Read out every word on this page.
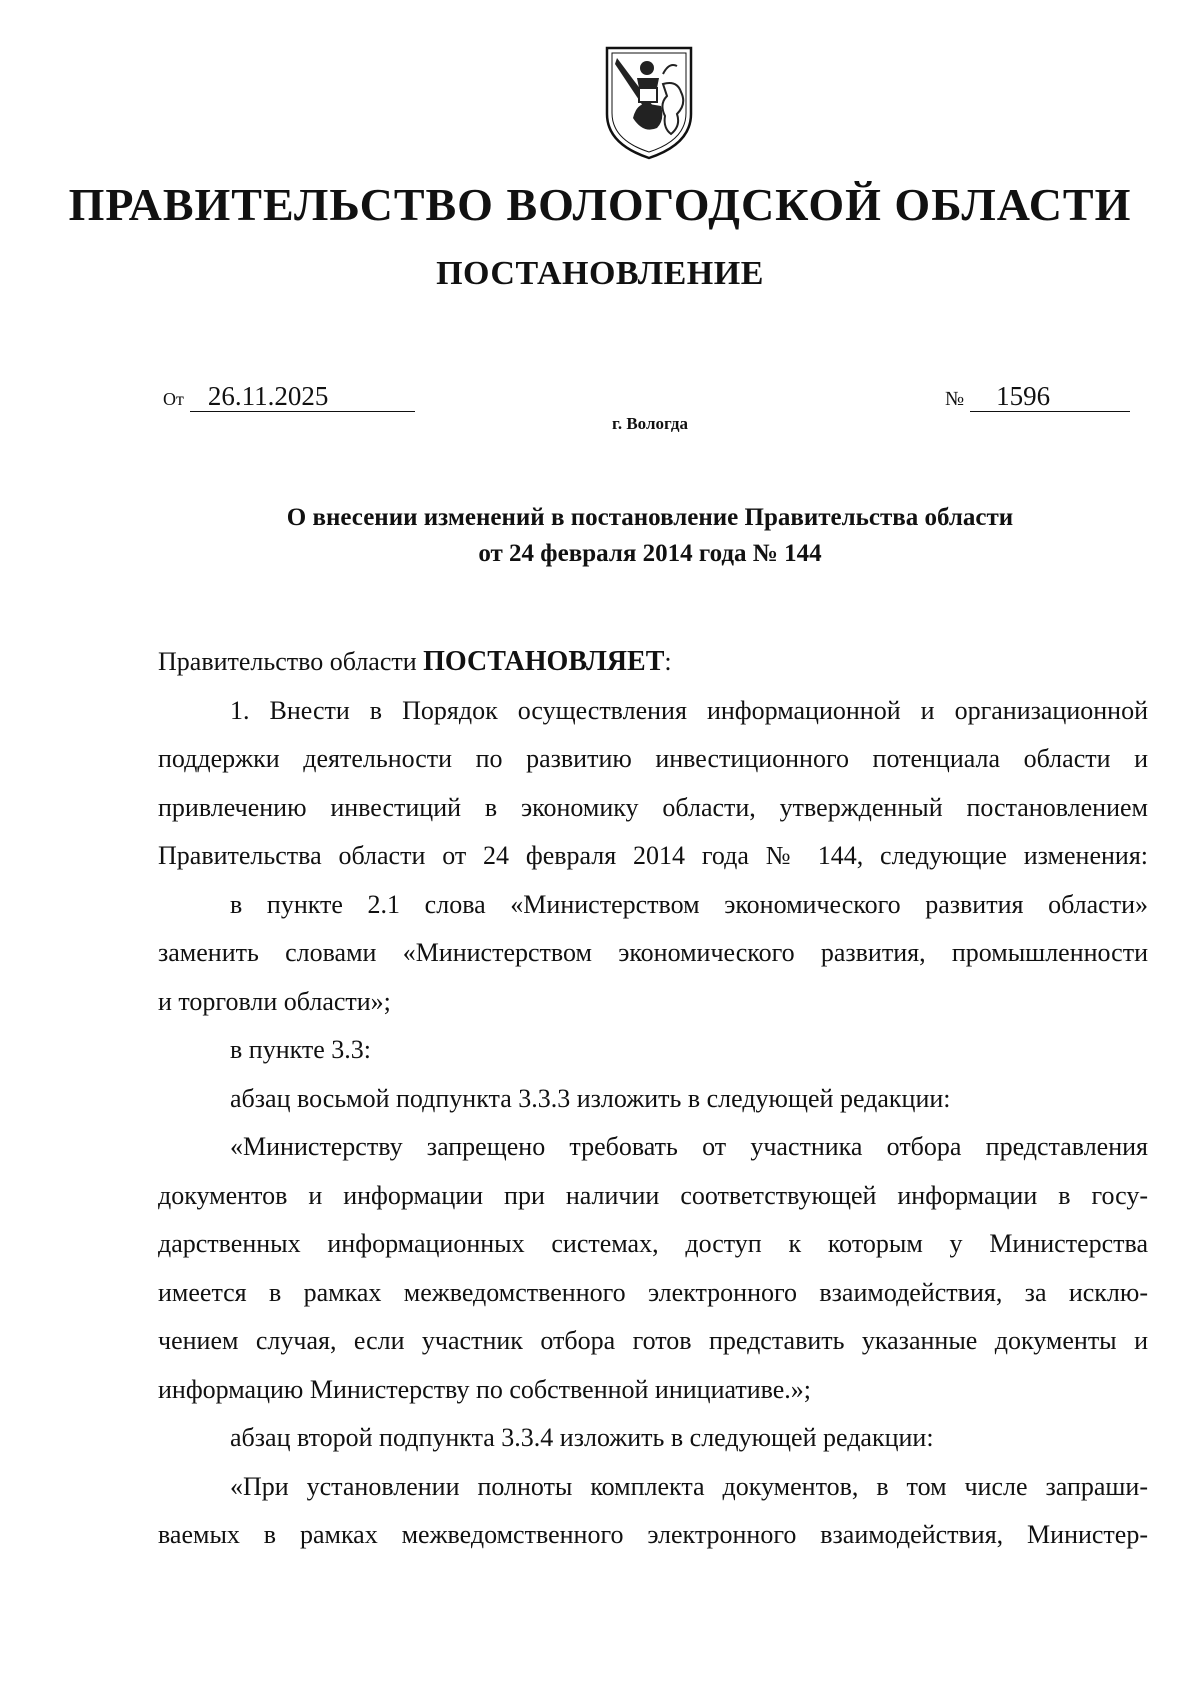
ПРАВИТЕЛЬСТВО ВОЛОГОДСКОЙ ОБЛАСТИ
ПОСТАНОВЛЕНИЕ
От 26.11.2025	№ 1596
г. Вологда
О внесении изменений в постановление Правительства области
от 24 февраля 2014 года № 144
Правительство области ПОСТАНОВЛЯЕТ:
1. Внести в Порядок осуществления информационной и организационной
поддержки деятельности по развитию инвестиционного потенциала области и
привлечению инвестиций в экономику области, утвержденный постановлением
Правительства области от 24 февраля 2014 года № 144, следующие изменения:
в пункте 2.1 слова «Министерством экономического развития области»
заменить словами «Министерством экономического развития, промышленности
и торговли области»;
в пункте 3.3:
абзац восьмой подпункта 3.3.3 изложить в следующей редакции:
«Министерству запрещено требовать от участника отбора представления
документов и информации при наличии соответствующей информации в госу-
дарственных информационных системах, доступ к которым у Министерства
имеется в рамках межведомственного электронного взаимодействия, за исклю-
чением случая, если участник отбора готов представить указанные документы и
информацию Министерству по собственной инициативе.»;
абзац второй подпункта 3.3.4 изложить в следующей редакции:
«При установлении полноты комплекта документов, в том числе запраши-
ваемых в рамках межведомственного электронного взаимодействия, Министер-
